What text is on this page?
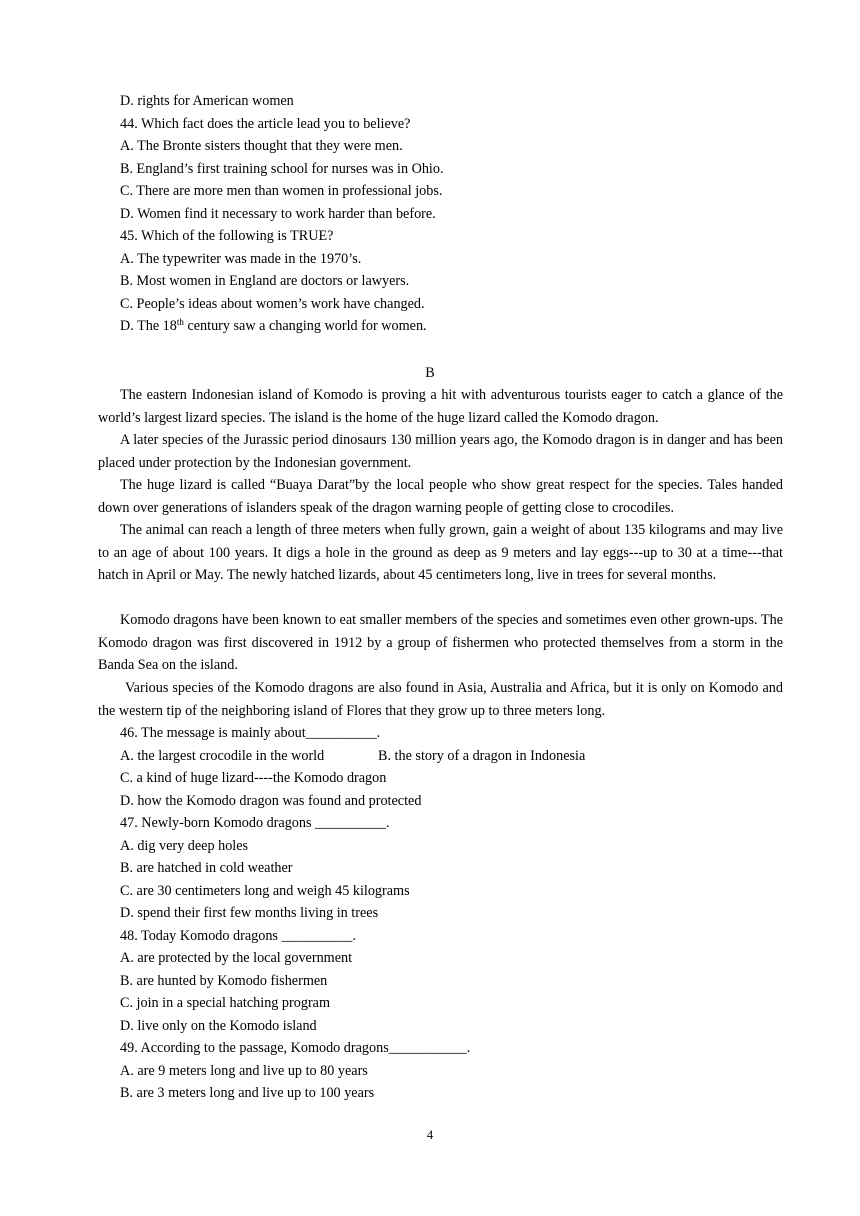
D. rights for American women
44. Which fact does the article lead you to believe?
A. The Bronte sisters thought that they were men.
B. England’s first training school for nurses was in Ohio.
C. There are more men than women in professional jobs.
D. Women find it necessary to work harder than before.
45. Which of the following is TRUE?
A. The typewriter was made in the 1970’s.
B. Most women in England are doctors or lawyers.
C. People’s ideas about women’s work have changed.
D. The 18th century saw a changing world for women.
B
The eastern Indonesian island of Komodo is proving a hit with adventurous tourists eager to catch a glance of the world’s largest lizard species. The island is the home of the huge lizard called the Komodo dragon.
A later species of the Jurassic period dinosaurs 130 million years ago, the Komodo dragon is in danger and has been placed under protection by the Indonesian government.
The huge lizard is called “Buaya Darat”by the local people who show great respect for the species. Tales handed down over generations of islanders speak of the dragon warning people of getting close to crocodiles.
The animal can reach a length of three meters when fully grown, gain a weight of about 135 kilograms and may live to an age of about 100 years. It digs a hole in the ground as deep as 9 meters and lay eggs---up to 30 at a time---that hatch in April or May. The newly hatched lizards, about 45 centimeters long, live in trees for several months.
Komodo dragons have been known to eat smaller members of the species and sometimes even other grown-ups. The Komodo dragon was first discovered in 1912 by a group of fishermen who protected themselves from a storm in the Banda Sea on the island.
Various species of the Komodo dragons are also found in Asia, Australia and Africa, but it is only on Komodo and the western tip of the neighboring island of Flores that they grow up to three meters long.
46. The message is mainly about__________.
A. the largest crocodile in the world	B. the story of a dragon in Indonesia
C. a kind of huge lizard----the Komodo dragon
D. how the Komodo dragon was found and protected
47. Newly-born Komodo dragons __________.
A. dig very deep holes
B. are hatched in cold weather
C. are 30 centimeters long and weigh 45 kilograms
D. spend their first few months living in trees
48. Today Komodo dragons __________.
A. are protected by the local government
B. are hunted by Komodo fishermen
C. join in a special hatching program
D. live only on the Komodo island
49. According to the passage, Komodo dragons___________.
A. are 9 meters long and live up to 80 years
B. are 3 meters long and live up to 100 years
4
